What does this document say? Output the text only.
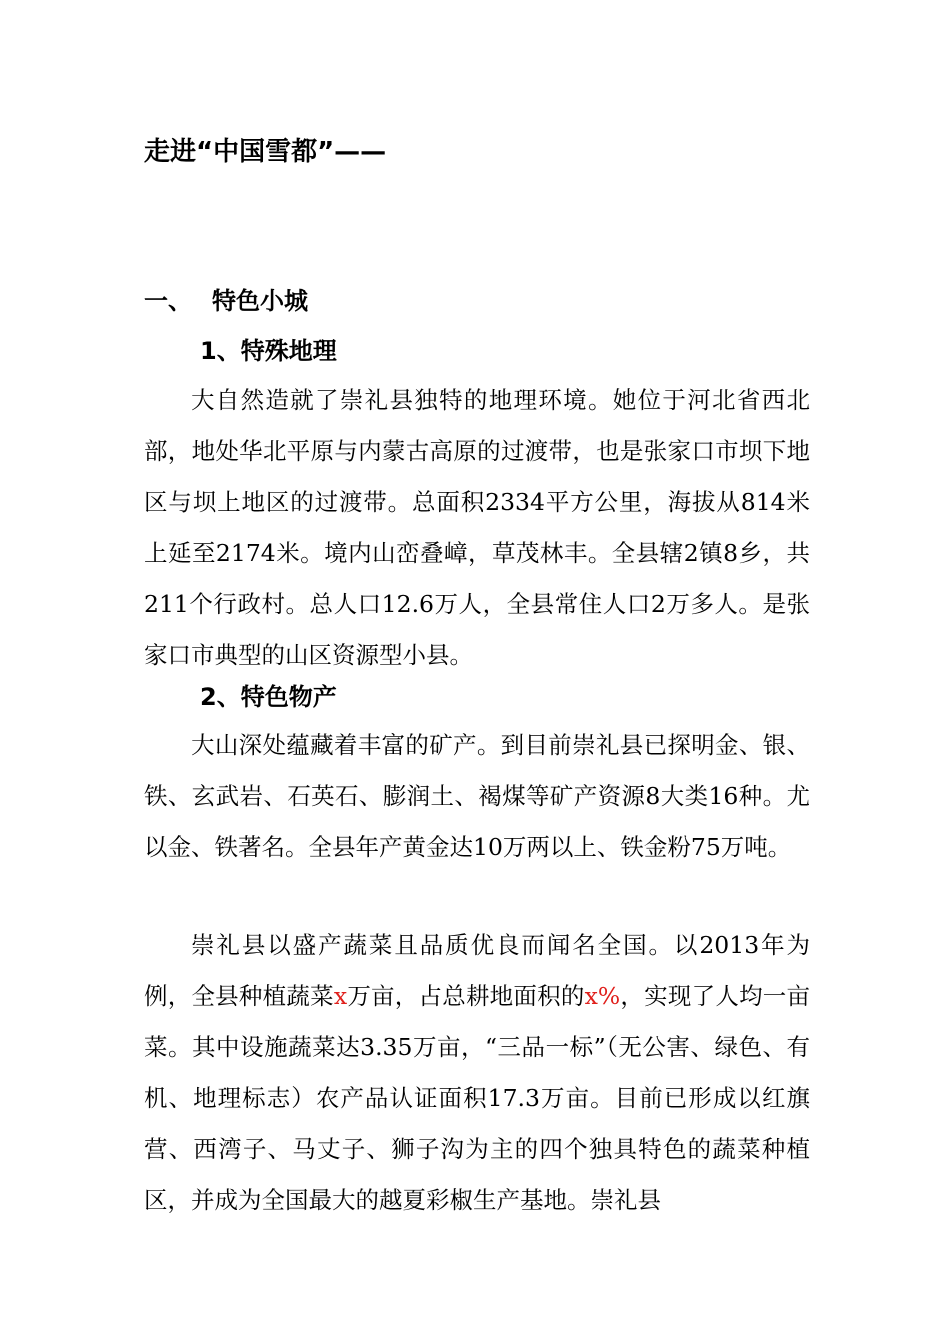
走进“中国雪都”——
一、 特色小城
1、特殊地理

大自然造就了崇礼县独特的地理环境。她位于河北省西北部，地处华北平原与内蒙古高原的过渡带，也是张家口市坝下地区与坝上地区的过渡带。总面积2334平方公里，海拔从814米上延至2174米。境内山峦叠嶂，草茂林丰。全县辖2镇8乡，共211个行政村。总人口12.6万人，全县常住人口2万多人。是张家口市典型的山区资源型小县。

2、特色物产

大山深处蕴藏着丰富的矿产。到目前崇礼县已探明金、银、铁、玄武岩、石英石、膨润土、褐煤等矿产资源8大类16种。尤以金、铁著名。全县年产黄金达10万两以上、铁金粉75万吨。

崇礼县以盛产蔬菜且品质优良而闻名全国。以2013年为例，全县种植蔬菜x万亩，占总耕地面积的x%，实现了人均一亩菜。其中设施蔬菜达3.35万亩，“三品一标”（无公害、绿色、有机、地理标志）农产品认证面积17.3万亩。目前已形成以红旗营、西湾子、马丈子、狮子沟为主的四个独具特色的蔬菜种植区，并成为全国最大的越夏彩椒生产基地。崇礼县
